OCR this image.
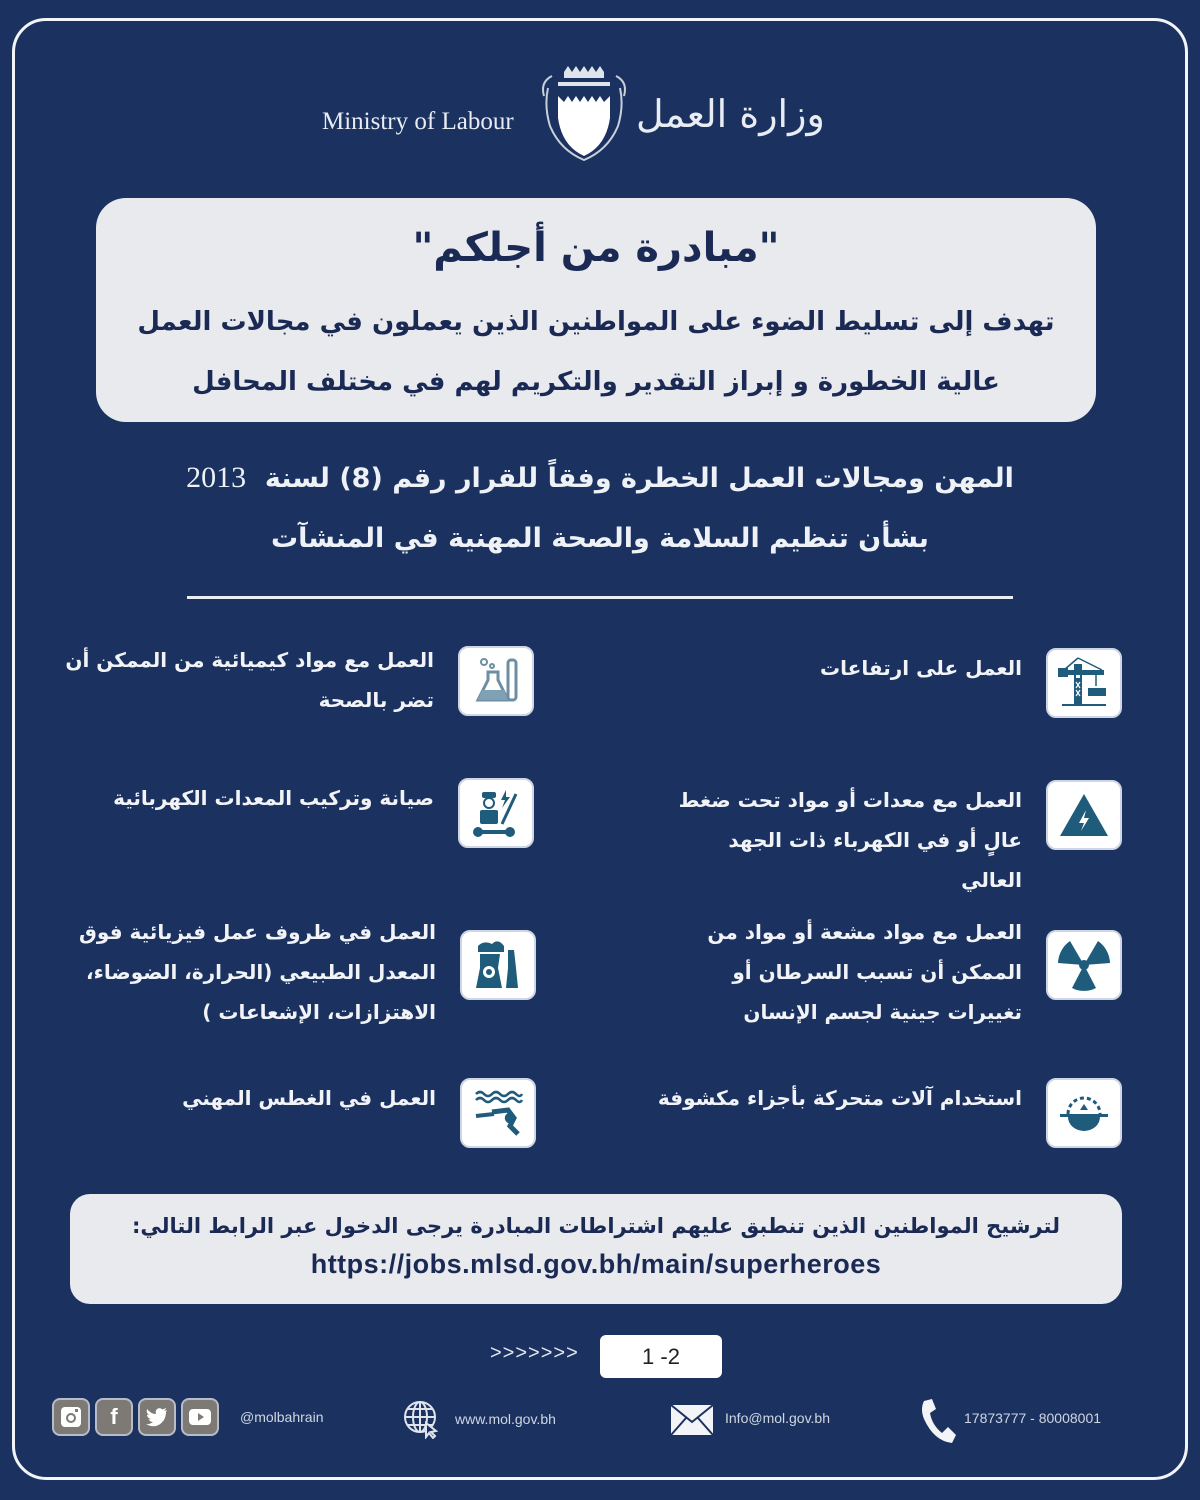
Ministry of Labour	وزارة العمل
"مبادرة من أجلكم"
تهدف إلى تسليط الضوء على المواطنين الذين يعملون في مجالات العمل
عالية الخطورة و إبراز التقدير والتكريم لهم في مختلف المحافل
المهن ومجالات العمل الخطرة وفقاً للقرار رقم (8) لسنة  2013
بشأن تنظيم السلامة والصحة المهنية في المنشآت
العمل على ارتفاعات
العمل مع معدات أو مواد تحت ضغط عالٍ أو في الكهرباء ذات الجهد العالي
العمل مع مواد مشعة أو مواد من الممكن أن تسبب السرطان أو تغييرات جينية لجسم الإنسان
استخدام آلات متحركة بأجزاء مكشوفة
العمل مع مواد كيميائية من الممكن أن تضر بالصحة
صيانة وتركيب المعدات الكهربائية
العمل في ظروف عمل فيزيائية فوق المعدل الطبيعي (الحرارة، الضوضاء، الاهتزازات، الإشعاعات )
العمل في الغطس المهني
لترشيح المواطنين الذين تنطبق عليهم اشتراطات المبادرة يرجى الدخول عبر الرابط التالي:
https://jobs.mlsd.gov.bh/main/superheroes
>>>>>>>	1 -2
f	@molbahrain	www.mol.gov.bh	Info@mol.gov.bh	17873777 - 80008001
